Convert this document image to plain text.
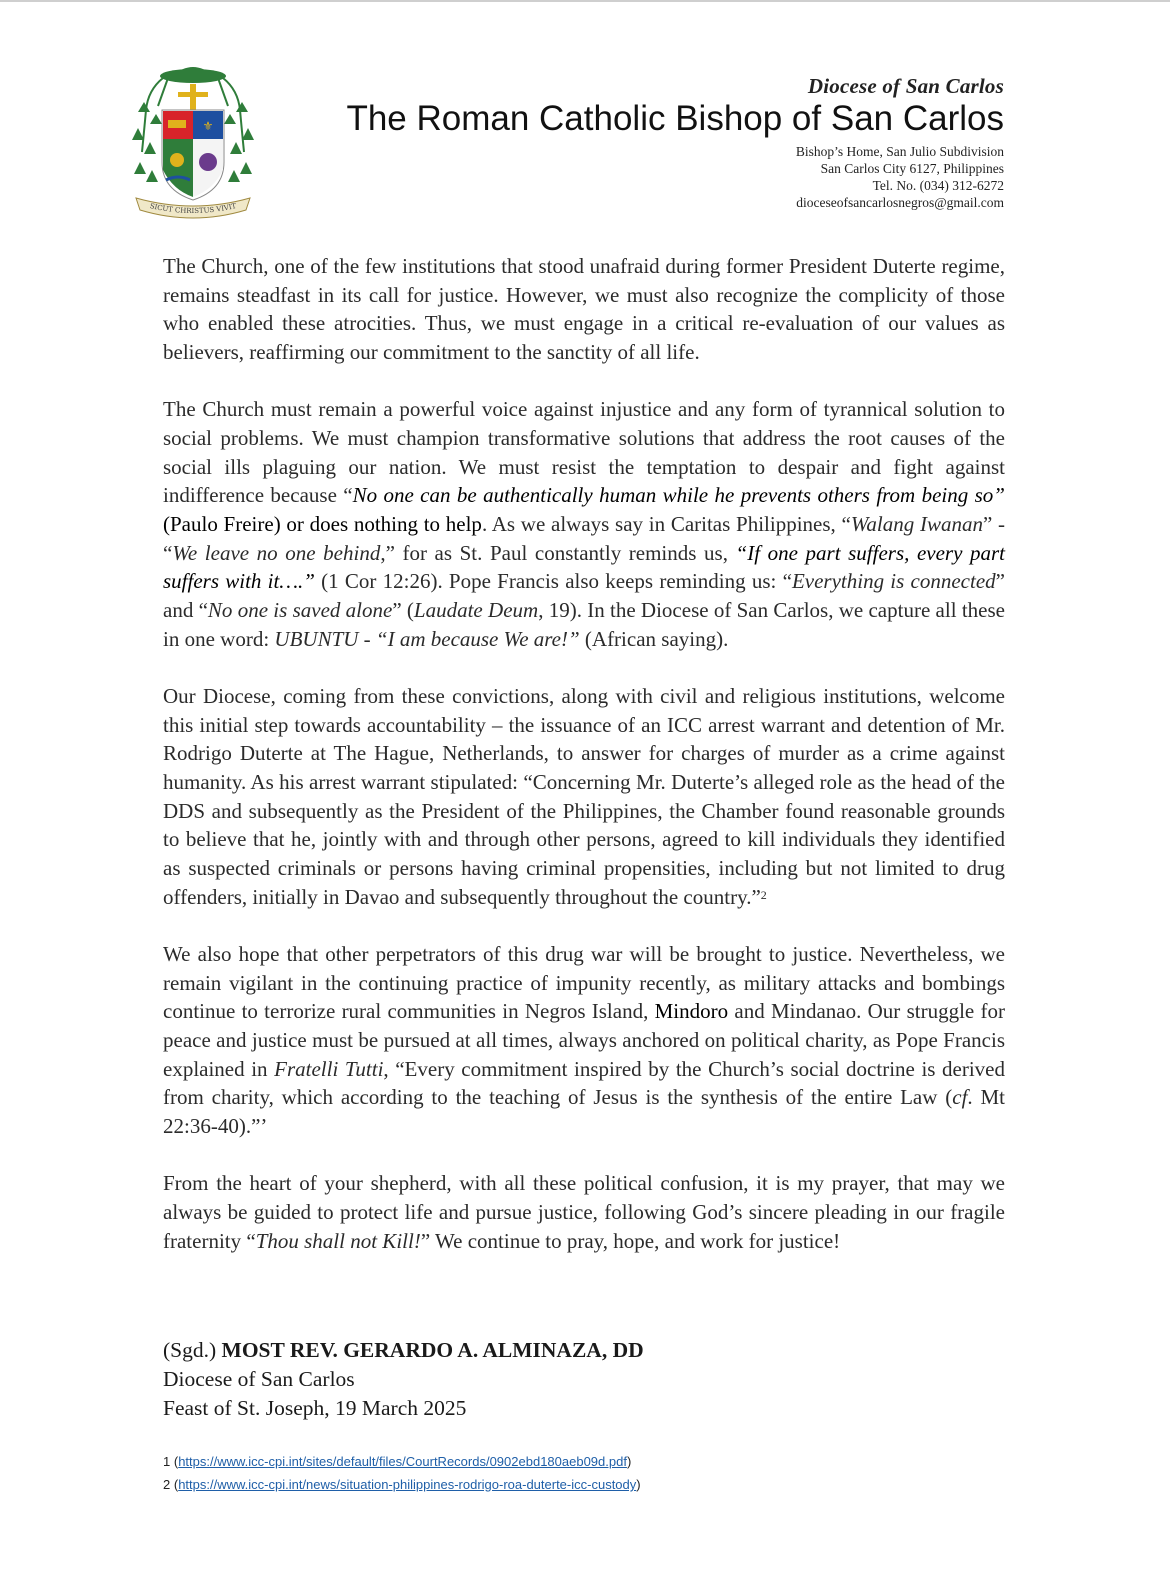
⚜
SICUT CHRISTUS VIVIT
Diocese of San Carlos
The Roman Catholic Bishop of San Carlos
Bishop’s Home, San Julio Subdivision
San Carlos City 6127, Philippines
Tel. No. (034) 312-6272
dioceseofsancarlosnegros@gmail.com

The Church, one of the few institutions that stood unafraid during former President Duterte regime, remains steadfast in its call for justice. However, we must also recognize the complicity of those who enabled these atrocities. Thus, we must engage in a critical re-evaluation of our values as believers, reaffirming our commitment to the sanctity of all life.

The Church must remain a powerful voice against injustice and any form of tyrannical solution to social problems. We must champion transformative solutions that address the root causes of the social ills plaguing our nation. We must resist the temptation to despair and fight against indifference because “No one can be authentically human while he prevents others from being so” (Paulo Freire) or does nothing to help. As we always say in Caritas Philippines, “Walang Iwanan” - “We leave no one behind,” for as St. Paul constantly reminds us, “If one part suffers, every part suffers with it….” (1 Cor 12:26). Pope Francis also keeps reminding us: “Everything is connected” and “No one is saved alone” (Laudate Deum, 19). In the Diocese of San Carlos, we capture all these in one word: UBUNTU - “I am because We are!” (African saying).

Our Diocese, coming from these convictions, along with civil and religious institutions, welcome this initial step towards accountability – the issuance of an ICC arrest warrant and detention of Mr. Rodrigo Duterte at The Hague, Netherlands, to answer for charges of murder as a crime against humanity. As his arrest warrant stipulated: “Concerning Mr. Duterte’s alleged role as the head of the DDS and subsequently as the President of the Philippines, the Chamber found reasonable grounds to believe that he, jointly with and through other persons, agreed to kill individuals they identified as suspected criminals or persons having criminal propensities, including but not limited to drug offenders, initially in Davao and subsequently throughout the country.”$^2$

We also hope that other perpetrators of this drug war will be brought to justice. Nevertheless, we remain vigilant in the continuing practice of impunity recently, as military attacks and bombings continue to terrorize rural communities in Negros Island, Mindoro and Mindanao. Our struggle for peace and justice must be pursued at all times, always anchored on political charity, as Pope Francis explained in Fratelli Tutti, “Every commitment inspired by the Church’s social doctrine is derived from charity, which according to the teaching of Jesus is the synthesis of the entire Law (cf. Mt 22:36-40).”’

From the heart of your shepherd, with all these political confusion, it is my prayer, that may we always be guided to protect life and pursue justice, following God’s sincere pleading in our fragile fraternity “Thou shall not Kill!” We continue to pray, hope, and work for justice!

(Sgd.) MOST REV. GERARDO A. ALMINAZA, DD
Diocese of San Carlos
Feast of St. Joseph, 19 March 2025
1 (https://www.icc-cpi.int/sites/default/files/CourtRecords/0902ebd180aeb09d.pdf)
2 (https://www.icc-cpi.int/news/situation-philippines-rodrigo-roa-duterte-icc-custody)
